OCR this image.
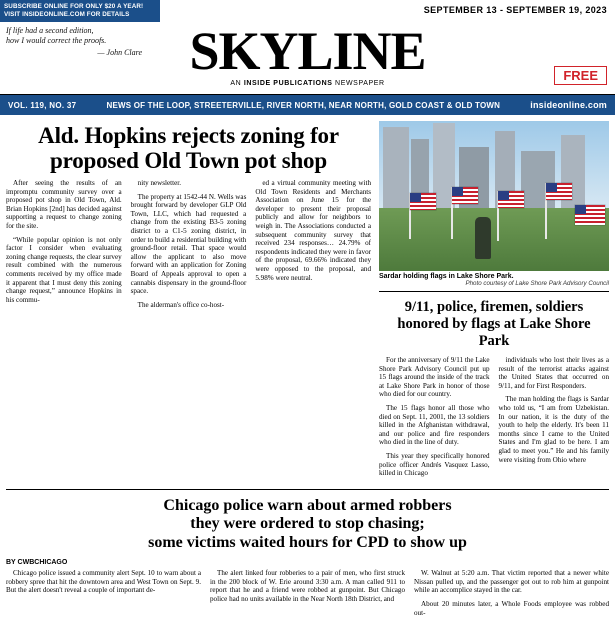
SUBSCRIBE ONLINE FOR ONLY $20 A YEAR!
VISIT INSIDEONLINE.COM FOR DETAILS	SEPTEMBER 13 - SEPTEMBER 19, 2023
If life had a second edition,
how I would correct the proofs.
— John Clare SKYLINE
AN INSIDE PUBLICATIONS NEWSPAPER
FREE
VOL. 119, NO. 37	NEWS OF THE LOOP, STREETERVILLE, RIVER NORTH, NEAR NORTH, GOLD COAST & OLD TOWN	insideonline.com
Ald. Hopkins rejects zoning for proposed Old Town pot shop

After seeing the results of an impromptu community survey over a proposed pot shop in Old Town, Ald. Brian Hopkins [2nd] has decided against supporting a request to change zoning for the site.

“While popular opinion is not only factor I consider when evaluating zoning change requests, the clear survey result combined with the numerous comments received by my office made it apparent that I must deny this zoning change request,” announce Hopkins in his commu-

nity newsletter.

The property at 1542-44 N. Wells was brought forward by developer GLP Old Town, LLC, which had requested a change from the existing B3-5 zoning district to a C1-5 zoning district, in order to build a residential building with ground-floor retail. That space would allow the applicant to also move forward with an application for Zoning Board of Appeals approval to open a cannabis dispensary in the ground-floor space.

The alderman's office co-host-

ed a virtual community meeting with Old Town Residents and Merchants Association on June 15 for the developer to present their proposal publicly and allow for neighbors to weigh in. The Associations conducted a subsequent community survey that received 234 responses… 24.79% of respondents indicated they were in favor of the proposal, 69.66% indicated they were opposed to the proposal, and 5.98% were neutral.	Sardar holding flags in Lake Shore Park.
Photo courtesy of Lake Shore Park Advisory Council
9/11, police, firemen, soldiers honored by flags at Lake Shore Park

For the anniversary of 9/11 the Lake Shore Park Advisory Council put up 15 flags around the inside of the track at Lake Shore Park in honor of those who died for our country.

The 15 flags honor all those who died on Sept. 11, 2001, the 13 soldiers killed in the Afghanistan withdrawal, and our police and fire responders who died in the line of duty.

This year they specifically honored police officer Andrés Vasquez Lasso, killed in Chicago

individuals who lost their lives as a result of the terrorist attacks against the United States that occurred on 9/11, and for First Responders.

The man holding the flags is Sardar who told us, “I am from Uzbekistan. In our nation, it is the duty of the youth to help the elderly. It's been 11 months since I came to the United States and I'm glad to be here. I am glad to meet you.” He and his family were visiting from Ohio where

Chicago police warn about armed robbers
they were ordered to stop chasing;
some victims waited hours for CPD to show up
BY CWBCHICAGO

Chicago police issued a community alert Sept. 10 to warn about a robbery spree that hit the downtown area and West Town on Sept. 9. But the alert doesn't reveal a couple of important de-

The alert linked four robberies to a pair of men, who first struck in the 200 block of W. Erie around 3:30 a.m. A man called 911 to report that he and a friend were robbed at gunpoint. But Chicago police had no units available in the Near North 18th District, and

W. Walnut at 5:20 a.m. That victim reported that a newer white Nissan pulled up, and the passenger got out to rob him at gunpoint while an accomplice stayed in the car.

About 20 minutes later, a Whole Foods employee was robbed out-
